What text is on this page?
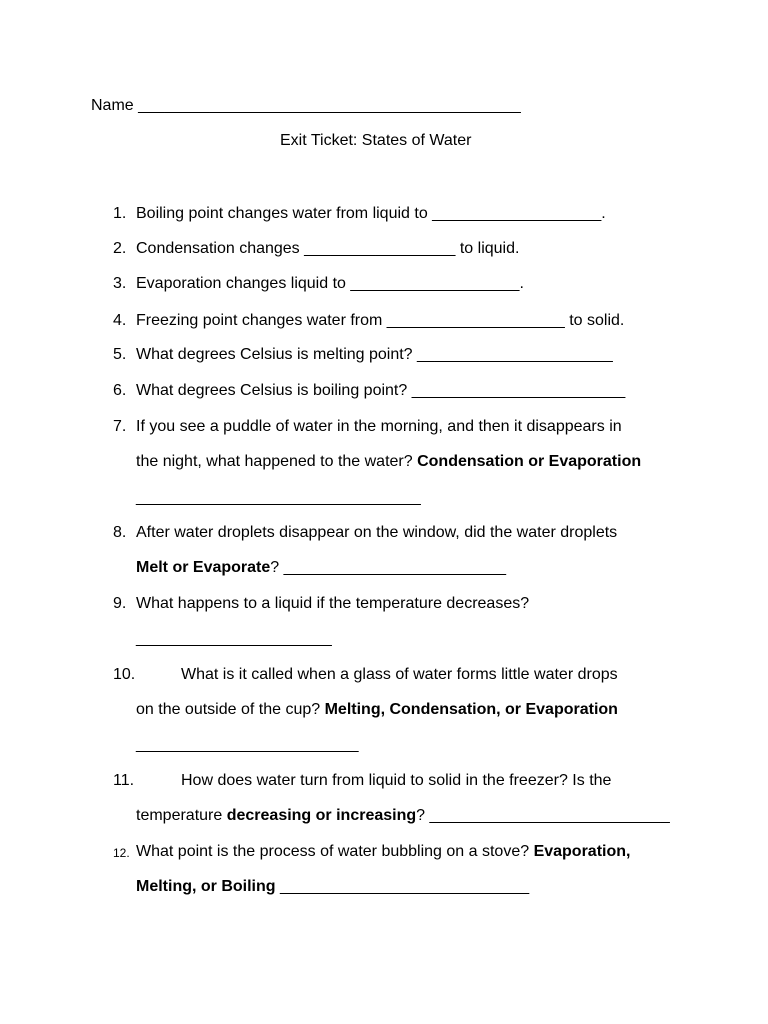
Name ___________________________________________
Exit Ticket: States of Water
1. Boiling point changes water from liquid to ___________________.
2. Condensation changes _________________ to liquid.
3. Evaporation changes liquid to ___________________.
4. Freezing point changes water from ____________________ to solid.
5. What degrees Celsius is melting point? ______________________
6. What degrees Celsius is boiling point? ________________________
7. If you see a puddle of water in the morning, and then it disappears in
the night, what happened to the water? Condensation or Evaporation
________________________________
8. After water droplets disappear on the window, did the water droplets
Melt or Evaporate? _________________________
9. What happens to a liquid if the temperature decreases?
______________________
10.	What is it called when a glass of water forms little water drops
on the outside of the cup? Melting, Condensation, or Evaporation
_________________________
11.	How does water turn from liquid to solid in the freezer? Is the
temperature decreasing or increasing? ___________________________
12. What point is the process of water bubbling on a stove? Evaporation,
Melting, or Boiling ____________________________
